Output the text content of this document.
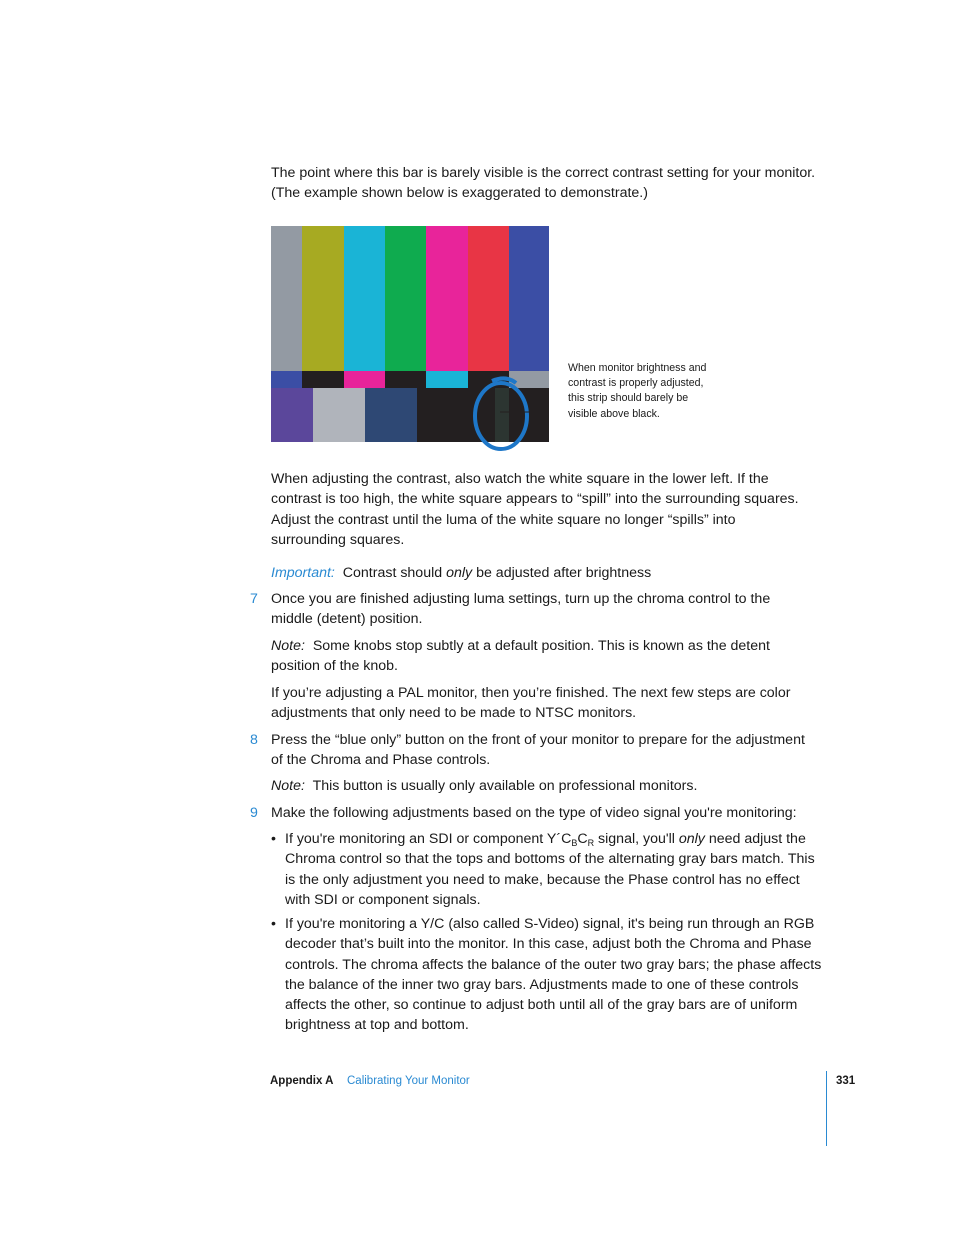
The point where this bar is barely visible is the correct contrast setting for your monitor.
(The example shown below is exaggerated to demonstrate.)

When monitor brightness and
contrast is properly adjusted,
this strip should barely be
visible above black.

When adjusting the contrast, also watch the white square in the lower left. If the
contrast is too high, the white square appears to “spill” into the surrounding squares.
Adjust the contrast until the luma of the white square no longer “spills” into
surrounding squares.

Important: Contrast should only be adjusted after brightness

7 Once you are finished adjusting luma settings, turn up the chroma control to the
middle (detent) position.

Note: Some knobs stop subtly at a default position. This is known as the detent
position of the knob.

If you’re adjusting a PAL monitor, then you’re finished. The next few steps are color
adjustments that only need to be made to NTSC monitors.

8 Press the “blue only” button on the front of your monitor to prepare for the adjustment
of the Chroma and Phase controls.

Note: This button is usually only available on professional monitors.

9 Make the following adjustments based on the type of video signal you're monitoring:

• If you're monitoring an SDI or component $Y´C_BC_R$ signal, you'll only need adjust the
Chroma control so that the tops and bottoms of the alternating gray bars match. This
is the only adjustment you need to make, because the Phase control has no effect
with SDI or component signals.

• If you're monitoring a Y/C (also called S-Video) signal, it's being run through an RGB
decoder that’s built into the monitor. In this case, adjust both the Chroma and Phase
controls. The chroma affects the balance of the outer two gray bars; the phase affects
the balance of the inner two gray bars. Adjustments made to one of these controls
affects the other, so continue to adjust both until all of the gray bars are of uniform
brightness at top and bottom.

Appendix A Calibrating Your Monitor	331
